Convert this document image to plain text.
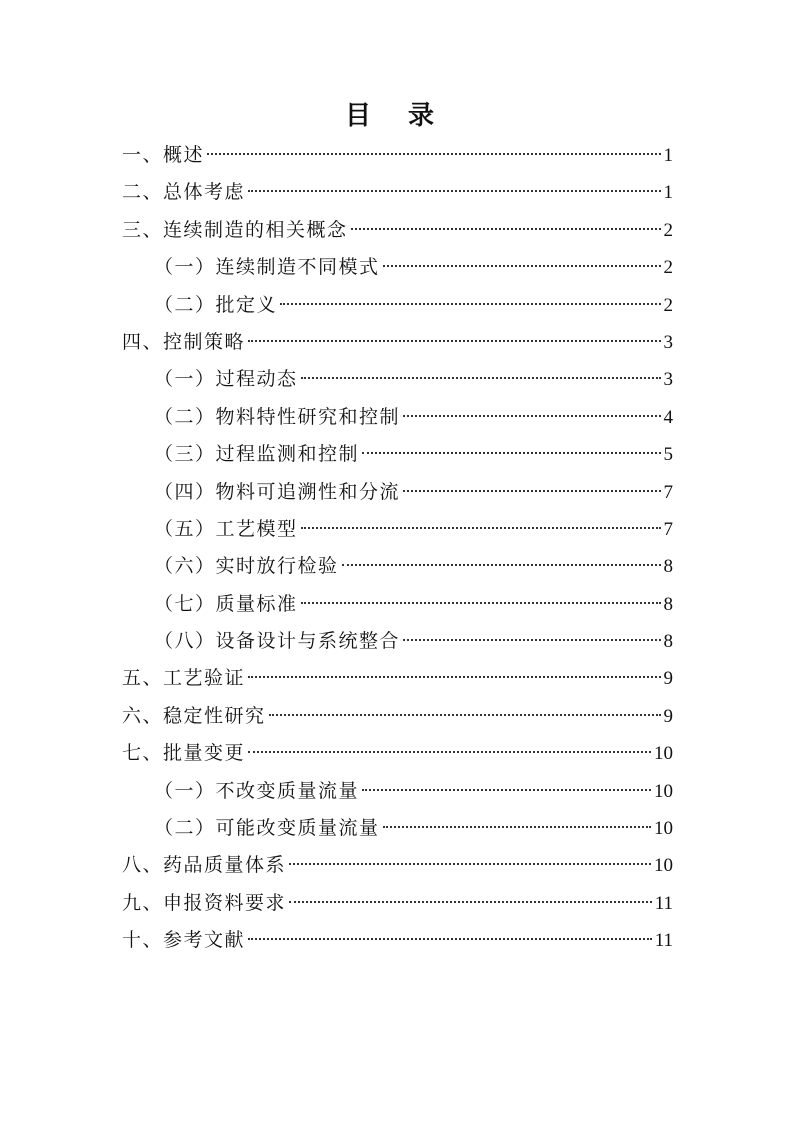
目 录
一、概述	1
二、总体考虑	1
三、连续制造的相关概念	2
（一）连续制造不同模式	2
（二）批定义	2
四、控制策略	3
（一）过程动态	3
（二）物料特性研究和控制	4
（三）过程监测和控制	5
（四）物料可追溯性和分流	7
（五）工艺模型	7
（六）实时放行检验	8
（七）质量标准	8
（八）设备设计与系统整合	8
五、工艺验证	9
六、稳定性研究	9
七、批量变更	10
（一）不改变质量流量	10
（二）可能改变质量流量	10
八、药品质量体系	10
九、申报资料要求	11
十、参考文献	11
